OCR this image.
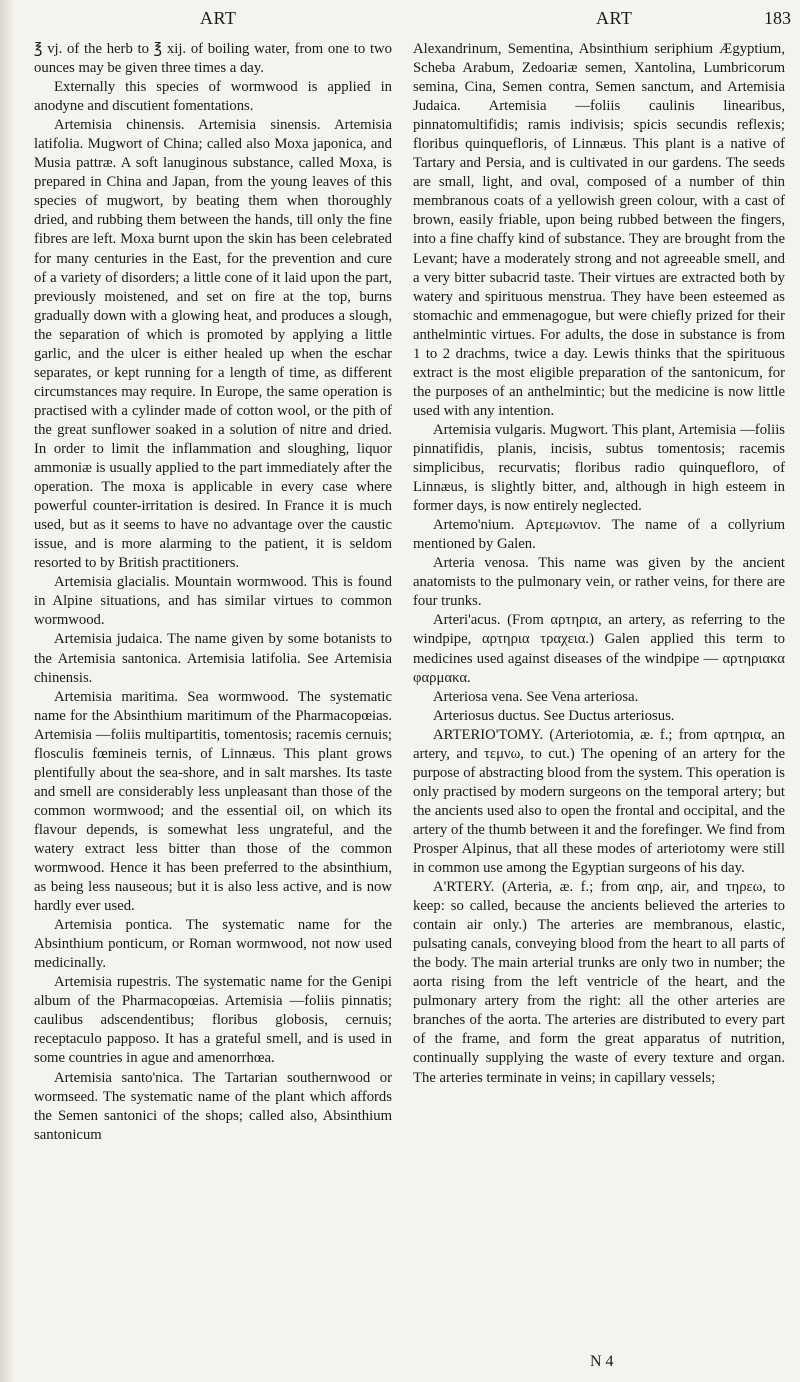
ART	ART	183

℥ vj. of the herb to ℥ xij. of boiling water, from one to two ounces may be given three times a day.

Externally this species of wormwood is applied in anodyne and discutient fomentations.

Artemisia chinensis. Artemisia sinensis. Artemisia latifolia. Mugwort of China; called also Moxa japonica, and Musia pattræ. A soft lanuginous substance, called Moxa, is prepared in China and Japan, from the young leaves of this species of mugwort, by beating them when thoroughly dried, and rubbing them between the hands, till only the fine fibres are left. Moxa burnt upon the skin has been celebrated for many centuries in the East, for the prevention and cure of a variety of disorders; a little cone of it laid upon the part, previously moistened, and set on fire at the top, burns gradually down with a glowing heat, and produces a slough, the separation of which is promoted by applying a little garlic, and the ulcer is either healed up when the eschar separates, or kept running for a length of time, as different circumstances may require. In Europe, the same operation is practised with a cylinder made of cotton wool, or the pith of the great sunflower soaked in a solution of nitre and dried. In order to limit the inflammation and sloughing, liquor ammoniæ is usually applied to the part immediately after the operation. The moxa is applicable in every case where powerful counter-irritation is desired. In France it is much used, but as it seems to have no advantage over the caustic issue, and is more alarming to the patient, it is seldom resorted to by British practitioners.

Artemisia glacialis. Mountain wormwood. This is found in Alpine situations, and has similar virtues to common wormwood.

Artemisia judaica. The name given by some botanists to the Artemisia santonica. Artemisia latifolia. See Artemisia chinensis.

Artemisia maritima. Sea wormwood. The systematic name for the Absinthium maritimum of the Pharmacopœias. Artemisia —foliis multipartitis, tomentosis; racemis cernuis; flosculis fœmineis ternis, of Linnæus. This plant grows plentifully about the sea-shore, and in salt marshes. Its taste and smell are considerably less unpleasant than those of the common wormwood; and the essential oil, on which its flavour depends, is somewhat less ungrateful, and the watery extract less bitter than those of the common wormwood. Hence it has been preferred to the absinthium, as being less nauseous; but it is also less active, and is now hardly ever used.

Artemisia pontica. The systematic name for the Absinthium ponticum, or Roman wormwood, not now used medicinally.

Artemisia rupestris. The systematic name for the Genipi album of the Pharmacopœias. Artemisia —foliis pinnatis; caulibus adscendentibus; floribus globosis, cernuis; receptaculo papposo. It has a grateful smell, and is used in some countries in ague and amenorrhœa.

Artemisia santo'nica. The Tartarian southernwood or wormseed. The systematic name of the plant which affords the Semen santonici of the shops; called also, Absinthium santonicum

Alexandrinum, Sementina, Absinthium seriphium Ægyptium, Scheba Arabum, Zedoariæ semen, Xantolina, Lumbricorum semina, Cina, Semen contra, Semen sanctum, and Artemisia Judaica. Artemisia —foliis caulinis linearibus, pinnatomultifidis; ramis indivisis; spicis secundis reflexis; floribus quinquefloris, of Linnæus. This plant is a native of Tartary and Persia, and is cultivated in our gardens. The seeds are small, light, and oval, composed of a number of thin membranous coats of a yellowish green colour, with a cast of brown, easily friable, upon being rubbed between the fingers, into a fine chaffy kind of substance. They are brought from the Levant; have a moderately strong and not agreeable smell, and a very bitter subacrid taste. Their virtues are extracted both by watery and spirituous menstrua. They have been esteemed as stomachic and emmenagogue, but were chiefly prized for their anthelmintic virtues. For adults, the dose in substance is from 1 to 2 drachms, twice a day. Lewis thinks that the spirituous extract is the most eligible preparation of the santonicum, for the purposes of an anthelmintic; but the medicine is now little used with any intention.

Artemisia vulgaris. Mugwort. This plant, Artemisia —foliis pinnatifidis, planis, incisis, subtus tomentosis; racemis simplicibus, recurvatis; floribus radio quinquefloro, of Linnæus, is slightly bitter, and, although in high esteem in former days, is now entirely neglected.

Artemo'nium. Αρτεμωνιον. The name of a collyrium mentioned by Galen.

Arteria venosa. This name was given by the ancient anatomists to the pulmonary vein, or rather veins, for there are four trunks.

Arteri'acus. (From αρτηρια, an artery, as referring to the windpipe, αρτηρια τραχεια.) Galen applied this term to medicines used against diseases of the windpipe — αρτηριακα φαρμακα.

Arteriosa vena. See Vena arteriosa.

Arteriosus ductus. See Ductus arteriosus.

ARTERIO'TOMY. (Arteriotomia, æ. f.; from αρτηρια, an artery, and τεμνω, to cut.) The opening of an artery for the purpose of abstracting blood from the system. This operation is only practised by modern surgeons on the temporal artery; but the ancients used also to open the frontal and occipital, and the artery of the thumb between it and the forefinger. We find from Prosper Alpinus, that all these modes of arteriotomy were still in common use among the Egyptian surgeons of his day.

A'RTERY. (Arteria, æ. f.; from αηρ, air, and τηρεω, to keep: so called, because the ancients believed the arteries to contain air only.) The arteries are membranous, elastic, pulsating canals, conveying blood from the heart to all parts of the body. The main arterial trunks are only two in number; the aorta rising from the left ventricle of the heart, and the pulmonary artery from the right: all the other arteries are branches of the aorta. The arteries are distributed to every part of the frame, and form the great apparatus of nutrition, continually supplying the waste of every texture and organ. The arteries terminate in veins; in capillary vessels;

N 4
